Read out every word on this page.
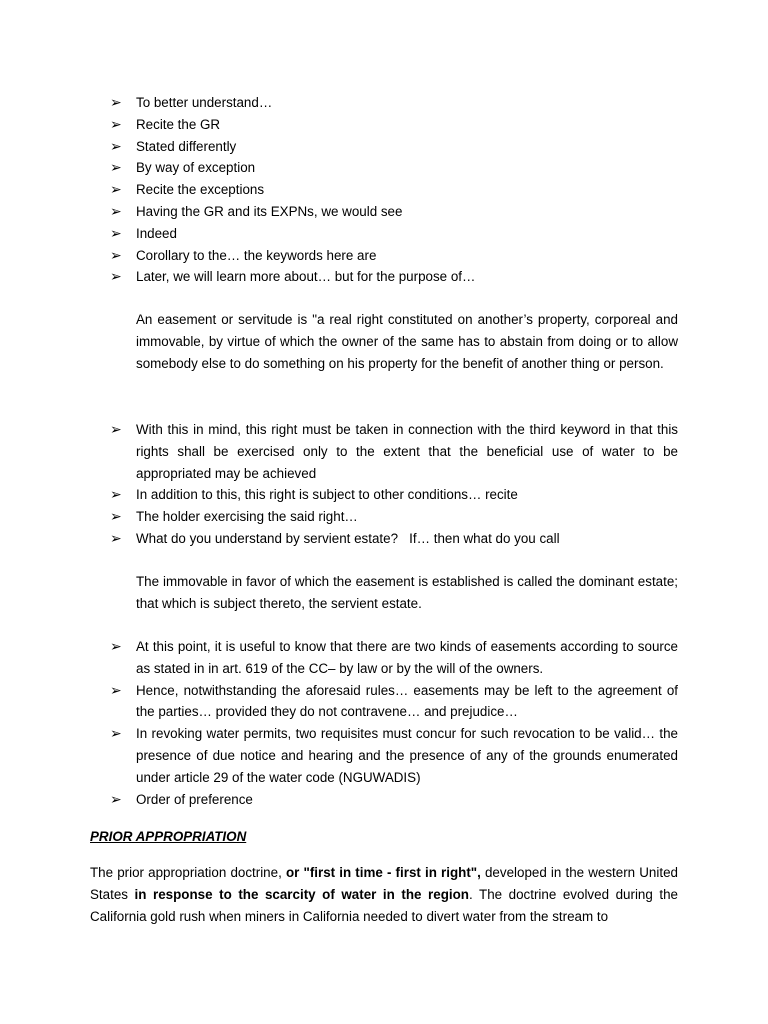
➢ To better understand…
➢ Recite the GR
➢ Stated differently
➢ By way of exception
➢ Recite the exceptions
➢ Having the GR and its EXPNs, we would see
➢ Indeed
➢ Corollary to the… the keywords here are
➢ Later, we will learn more about… but for the purpose of…

An easement or servitude is "a real right constituted on another’s property, corporeal and immovable, by virtue of which the owner of the same has to abstain from doing or to allow somebody else to do something on his property for the benefit of another thing or person.

➢ With this in mind, this right must be taken in connection with the third keyword in that this rights shall be exercised only to the extent that the beneficial use of water to be appropriated may be achieved
➢ In addition to this, this right is subject to other conditions… recite
➢ The holder exercising the said right…
➢ What do you understand by servient estate?   If… then what do you call

The immovable in favor of which the easement is established is called the dominant estate; that which is subject thereto, the servient estate.

➢ At this point, it is useful to know that there are two kinds of easements according to source as stated in in art. 619 of the CC– by law or by the will of the owners.
➢ Hence, notwithstanding the aforesaid rules… easements may be left to the agreement of the parties… provided they do not contravene… and prejudice…
➢ In revoking water permits, two requisites must concur for such revocation to be valid… the presence of due notice and hearing and the presence of any of the grounds enumerated under article 29 of the water code (NGUWADIS)
➢ Order of preference

PRIOR APPROPRIATION

The prior appropriation doctrine, or "first in time - first in right", developed in the western United States in response to the scarcity of water in the region. The doctrine evolved during the California gold rush when miners in California needed to divert water from the stream to
